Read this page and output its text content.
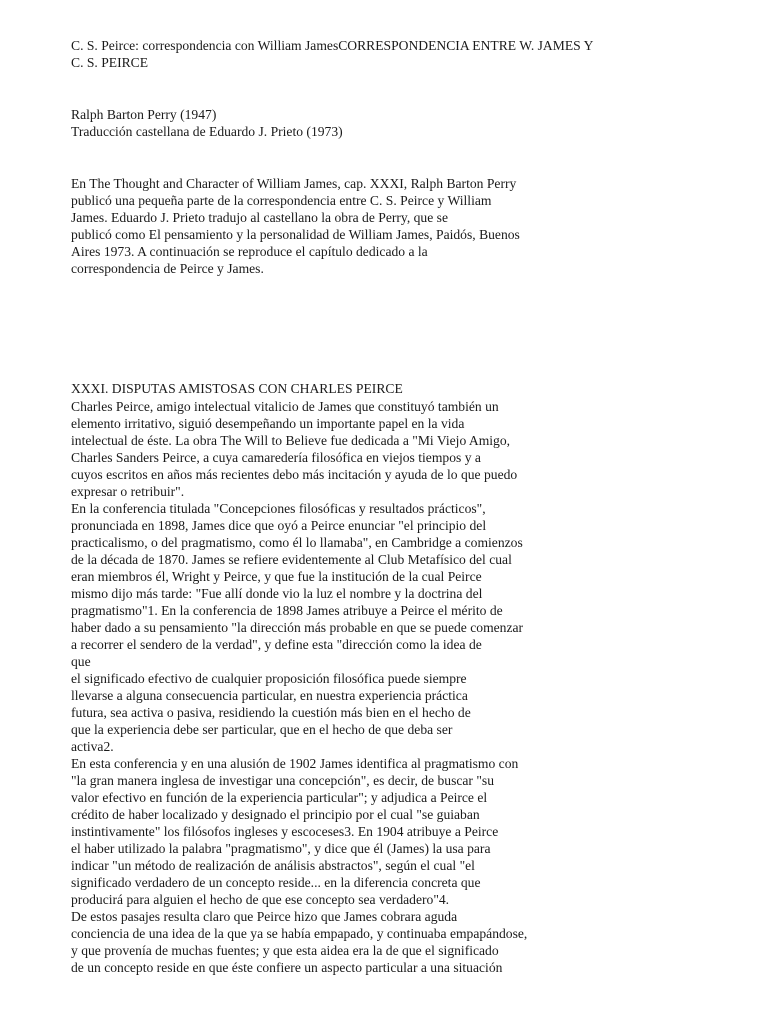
C. S. Peirce: correspondencia con William JamesCORRESPONDENCIA ENTRE W. JAMES Y
C. S. PEIRCE
Ralph Barton Perry (1947)
Traducción castellana de Eduardo J. Prieto (1973)
En The Thought and Character of William James, cap. XXXI, Ralph Barton Perry
publicó una pequeña parte de la correspondencia entre C. S. Peirce y William
James. Eduardo J. Prieto tradujo al castellano la obra de Perry, que se
publicó como El pensamiento y la personalidad de William James, Paidós, Buenos
Aires 1973. A continuación se reproduce el capítulo dedicado a la
correspondencia de Peirce y James.
XXXI. DISPUTAS AMISTOSAS CON CHARLES PEIRCE
Charles Peirce, amigo intelectual vitalicio de James que constituyó también un
elemento irritativo, siguió desempeñando un importante papel en la vida
intelectual de éste. La obra The Will to Believe fue dedicada a "Mi Viejo Amigo,
Charles Sanders Peirce, a cuya camaredería filosófica en viejos tiempos y a
cuyos escritos en años más recientes debo más incitación y ayuda de lo que puedo
expresar o retribuir".
En la conferencia titulada "Concepciones filosóficas y resultados prácticos",
pronunciada en 1898, James dice que oyó a Peirce enunciar "el principio del
practicalismo, o del pragmatismo, como él lo llamaba", en Cambridge a comienzos
de la década de 1870. James se refiere evidentemente al Club Metafísico del cual
eran miembros él, Wright y Peirce, y que fue la institución de la cual Peirce
mismo dijo más tarde: "Fue allí donde vio la luz el nombre y la doctrina del
pragmatismo"1. En la conferencia de 1898 James atribuye a Peirce el mérito de
haber dado a su pensamiento "la dirección más probable en que se puede comenzar
a recorrer el sendero de la verdad", y define esta "dirección como la idea de
que
el significado efectivo de cualquier proposición filosófica puede siempre
llevarse a alguna consecuencia particular, en nuestra experiencia práctica
futura, sea activa o pasiva, residiendo la cuestión más bien en el hecho de
que la experiencia debe ser particular, que en el hecho de que deba ser
activa2.
En esta conferencia y en una alusión de 1902 James identifica al pragmatismo con
"la gran manera inglesa de investigar una concepción", es decir, de buscar "su
valor efectivo en función de la experiencia particular"; y adjudica a Peirce el
crédito de haber localizado y designado el principio por el cual "se guiaban
instintivamente" los filósofos ingleses y escoceses3. En 1904 atribuye a Peirce
el haber utilizado la palabra "pragmatismo", y dice que él (James) la usa para
indicar "un método de realización de análisis abstractos", según el cual "el
significado verdadero de un concepto reside... en la diferencia concreta que
producirá para alguien el hecho de que ese concepto sea verdadero"4.
De estos pasajes resulta claro que Peirce hizo que James cobrara aguda
conciencia de una idea de la que ya se había empapado, y continuaba empapándose,
y que provenía de muchas fuentes; y que esta aidea era la de que el significado
de un concepto reside en que éste confiere un aspecto particular a una situación
